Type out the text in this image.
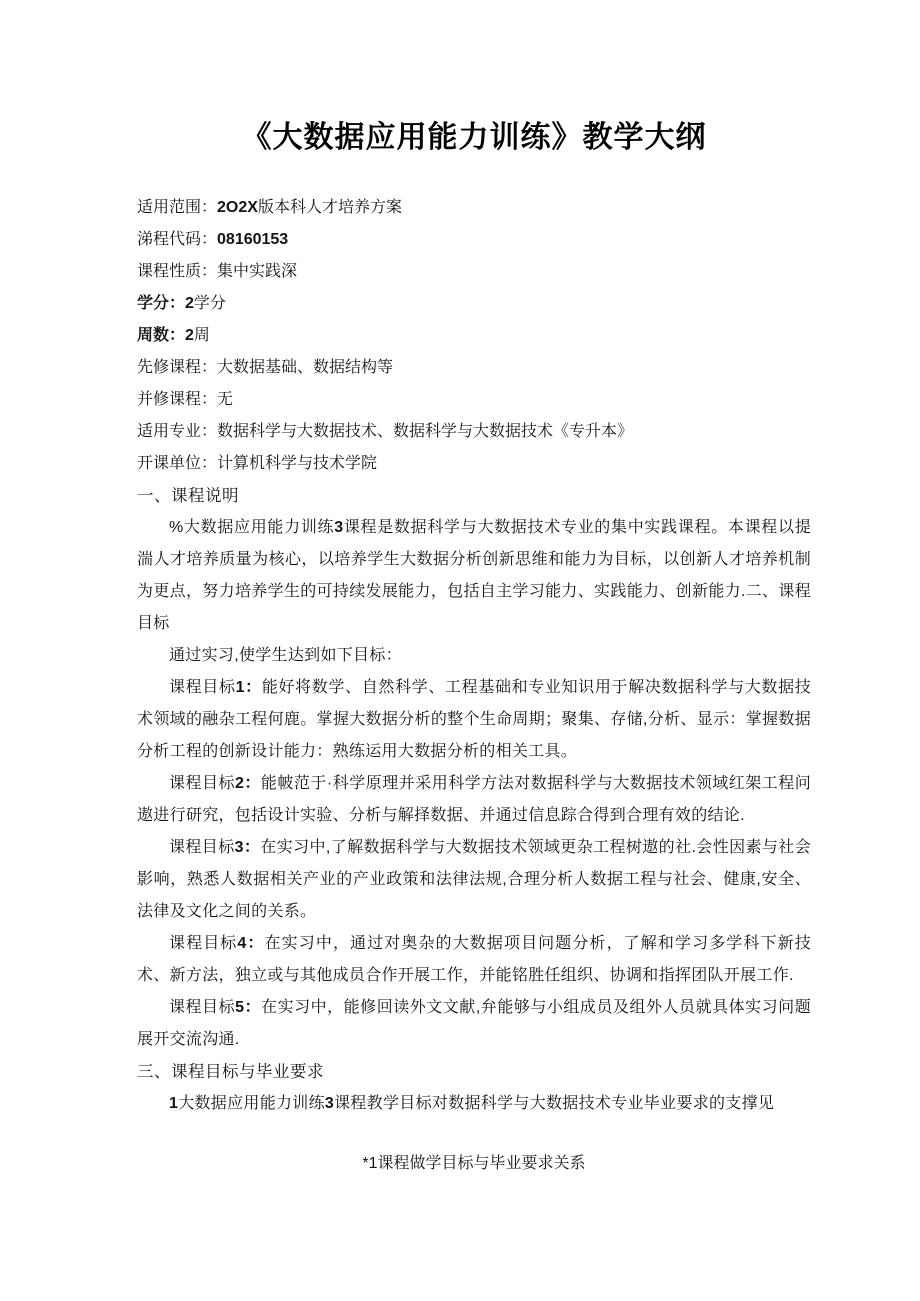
《大数据应用能力训练》教学大纲

适用范围：2O2X版本科人才培养方案

涕程代码：08160153

课程性质：集中实践深

学分：2学分

周数：2周

先修课程：大数据基础、数据结构等

并修课程：无

适用专业：数据科学与大数据技术、数据科学与大数据技术《专升本》

开课单位：计算机科学与技术学院

一、课程说明

%大数据应用能力训练3课程是数据科学与大数据技术专业的集中实践课程。本课程以提湍人才培养质量为核心，以培养学生大数据分析创新思维和能力为目标，以创新人才培养机制为更点，努力培养学生的可持续发展能力，包括自主学习能力、实践能力、创新能力.二、课程目标

通过实习,使学生达到如下目标：

课程目标1：能好将数学、自然科学、工程基础和专业知识用于解决数据科学与大数据技术领域的融杂工程何鹿。掌握大数据分析的整个生命周期；聚集、存储,分析、显示：掌握数据分析工程的创新设计能力：熟练运用大数据分析的相关工具。

课程目标2：能帔范于·科学原理并采用科学方法对数据科学与大数据技术领域红架工程问遨进行研究，包括设计实验、分析与解择数据、并通过信息踪合得到合理有效的结论.

课程目标3：在实习中,了解数据科学与大数据技术领域更杂工程树遨的社.会性因素与社会影响，熟悉人数据相关产业的产业政策和法律法规,合理分析人数据工程与社会、健康,安全、法律及文化之间的关系。

课程目标4：在实习中，通过对奥杂的大数据项目问题分析，了解和学习多学科下新技术、新方法，独立或与其他成员合作开展工作，并能铭胜任组织、协调和指挥团队开展工作.

课程目标5：在实习中，能修回读外文文献,弁能够与小组成员及组外人员就具体实习问题展开交流沟通.

三、课程目标与毕业要求

1大数据应用能力训练3课程教学目标对数据科学与大数据技术专业毕业要求的支撑见

*1课程做学目标与毕业要求关系
